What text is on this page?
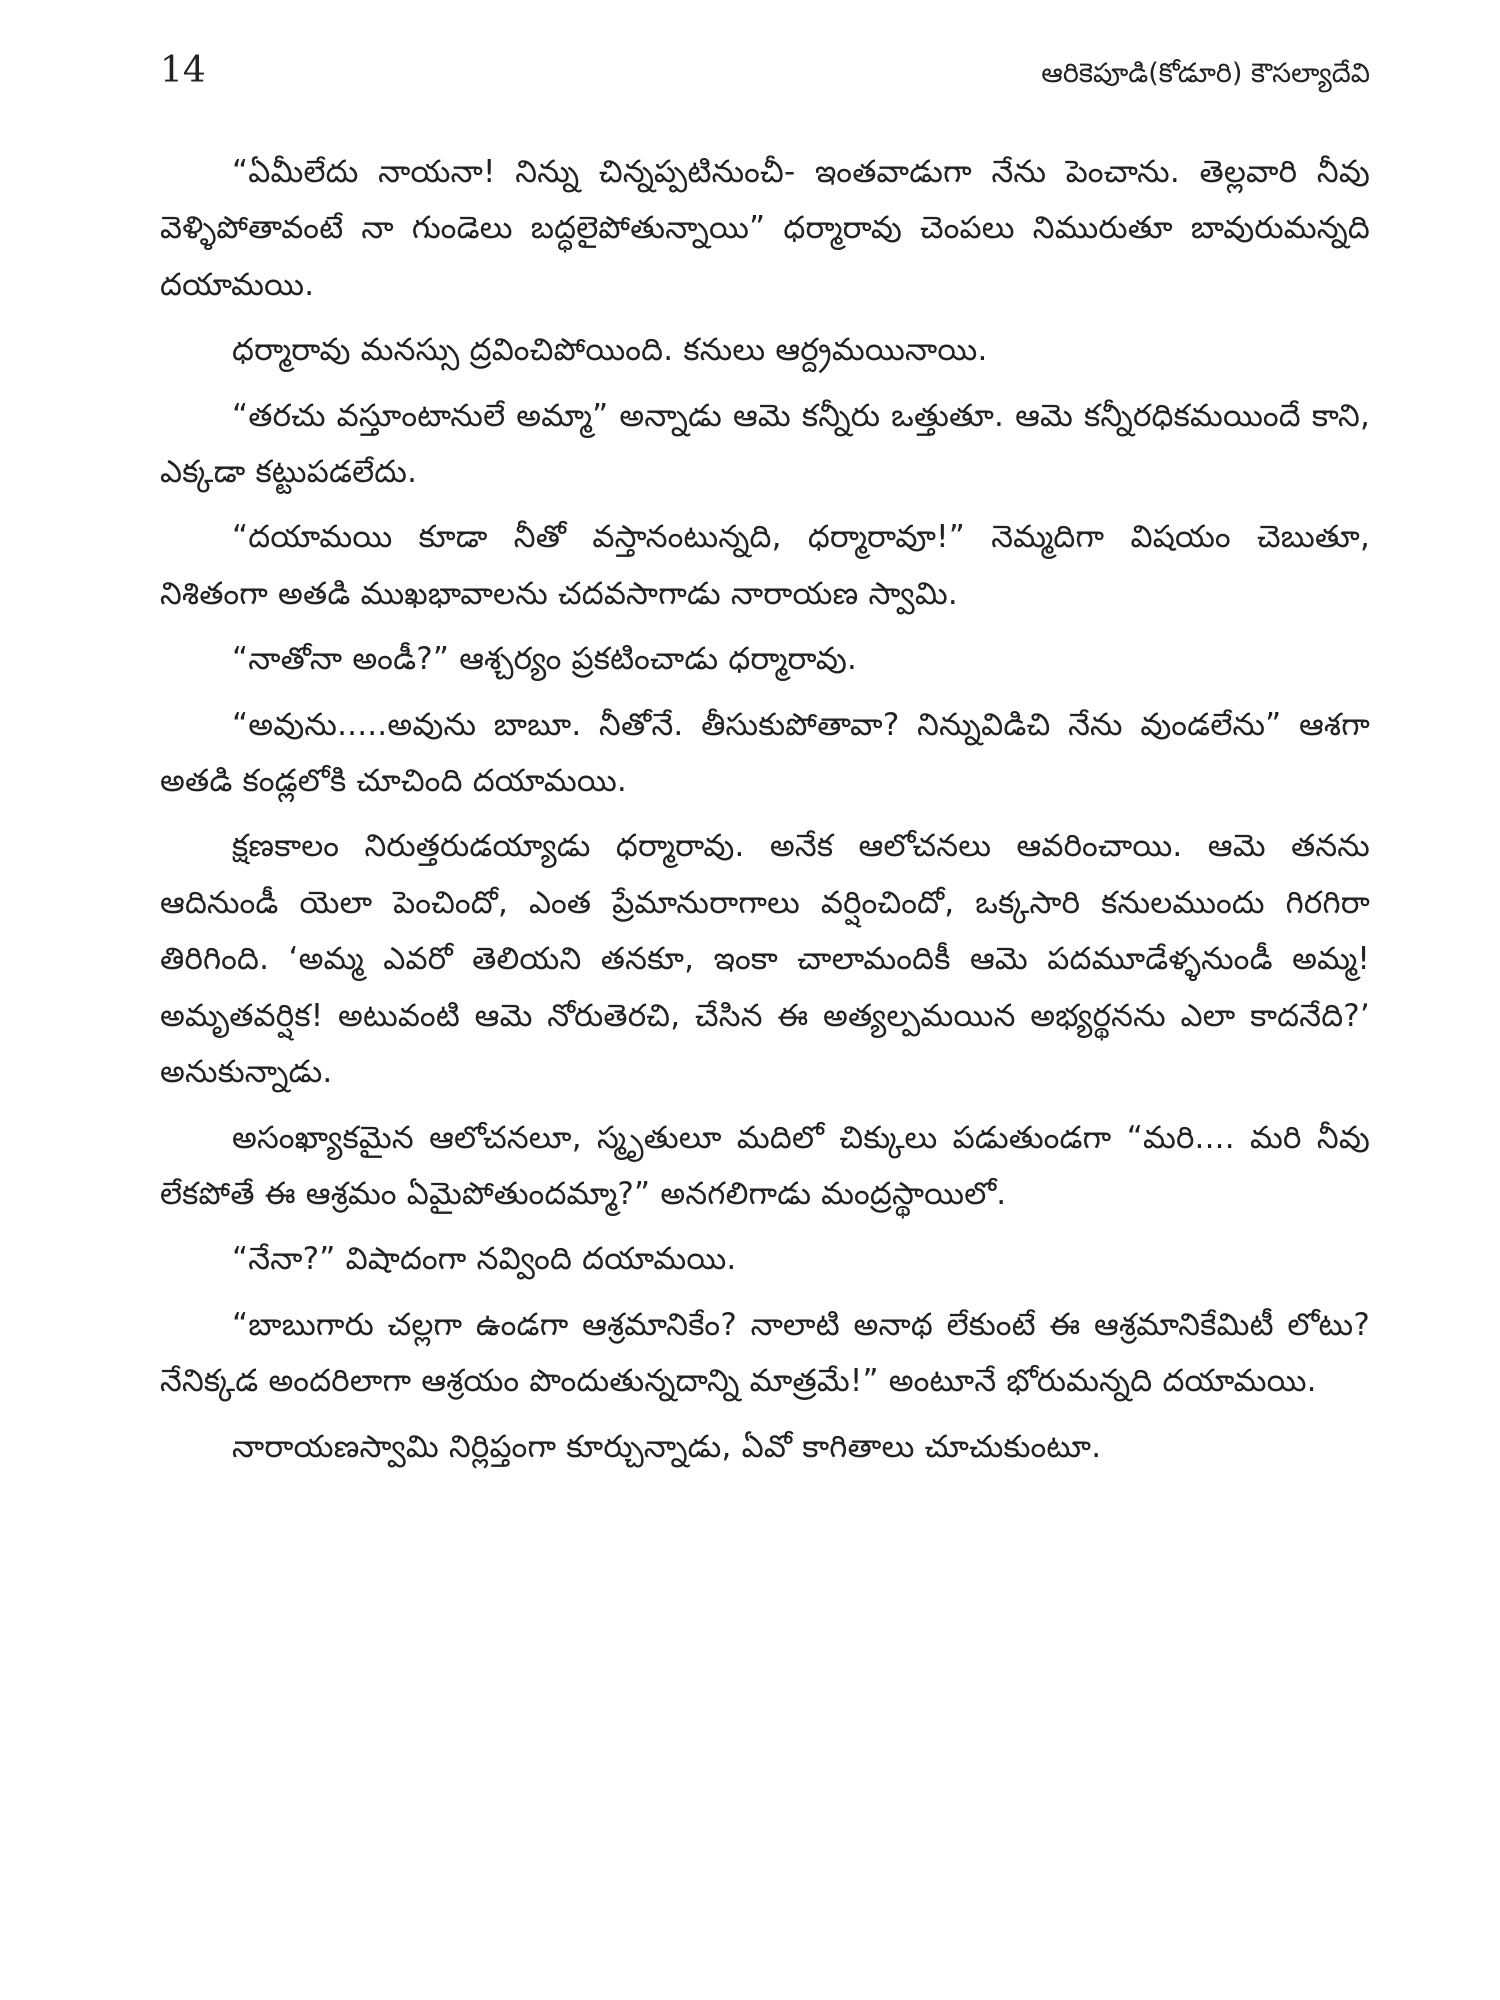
14	ఆరికెపూడి(కోడూరి) కౌసల్యాదేవి

“ఏమీలేదు నాయనా! నిన్ను చిన్నప్పటినుంచీ- ఇంతవాడుగా నేను పెంచాను. తెల్లవారి నీవు వెళ్ళిపోతావంటే నా గుండెలు బద్ధలైపోతున్నాయి” ధర్మారావు చెంపలు నిమురుతూ బావురుమన్నది దయామయి.

ధర్మారావు మనస్సు ద్రవించిపోయింది. కనులు ఆర్ద్రమయినాయి.

“తరచు వస్తూంటానులే అమ్మా” అన్నాడు ఆమె కన్నీరు ఒత్తుతూ. ఆమె కన్నీరధికమయిందే కాని, ఎక్కడా కట్టుపడలేదు.

“దయామయి కూడా నీతో వస్తానంటున్నది, ధర్మారావూ!” నెమ్మదిగా విషయం చెబుతూ, నిశితంగా అతడి ముఖభావాలను చదవసాగాడు నారాయణ స్వామి.

“నాతోనా అండీ?” ఆశ్చర్యం ప్రకటించాడు ధర్మారావు.

“అవును.....అవును బాబూ. నీతోనే. తీసుకుపోతావా? నిన్నువిడిచి నేను వుండలేను” ఆశగా అతడి కండ్లలోకి చూచింది దయామయి.

క్షణకాలం నిరుత్తరుడయ్యాడు ధర్మారావు. అనేక ఆలోచనలు ఆవరించాయి. ఆమె తనను ఆదినుండీ యెలా పెంచిందో, ఎంత ప్రేమానురాగాలు వర్షించిందో, ఒక్కసారి కనులముందు గిరగిరా తిరిగింది. ‘అమ్మ ఎవరో తెలియని తనకూ, ఇంకా చాలామందికీ ఆమె పదమూడేళ్ళనుండీ అమ్మ! అమృతవర్షిక! అటువంటి ఆమె నోరుతెరచి, చేసిన ఈ అత్యల్పమయిన అభ్యర్థనను ఎలా కాదనేది?’ అనుకున్నాడు.

అసంఖ్యాకమైన ఆలోచనలూ, స్మృతులూ మదిలో చిక్కులు పడుతుండగా “మరి.... మరి నీవు లేకపోతే ఈ ఆశ్రమం ఏమైపోతుందమ్మా?” అనగలిగాడు మంద్రస్థాయిలో.

“నేనా?” విషాదంగా నవ్వింది దయామయి.

“బాబుగారు చల్లగా ఉండగా ఆశ్రమానికేం? నాలాటి అనాథ లేకుంటే ఈ ఆశ్రమానికేమిటీ లోటు? నేనిక్కడ అందరిలాగా ఆశ్రయం పొందుతున్నదాన్ని మాత్రమే!” అంటూనే భోరుమన్నది దయామయి.

నారాయణస్వామి నిర్లిప్తంగా కూర్చున్నాడు, ఏవో కాగితాలు చూచుకుంటూ.
